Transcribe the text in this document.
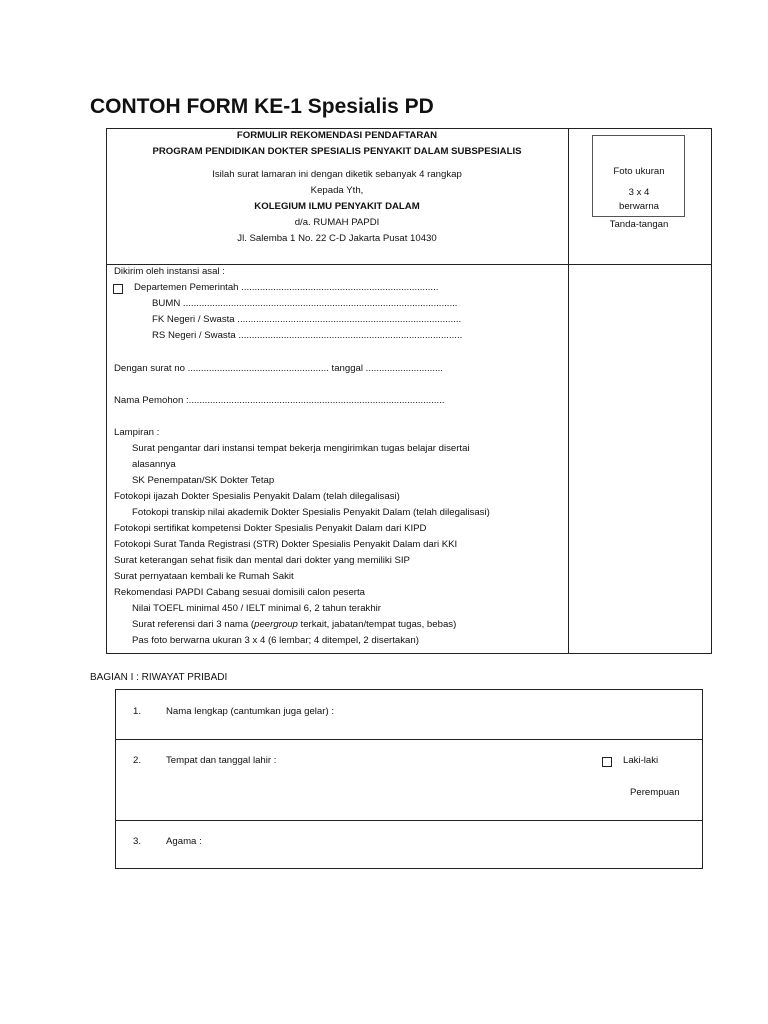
CONTOH FORM KE-1 Spesialis PD
FORMULIR REKOMENDASI PENDAFTARAN
PROGRAM PENDIDIKAN DOKTER SPESIALIS PENYAKIT DALAM SUBSPESIALIS
Isilah surat lamaran ini dengan diketik sebanyak 4 rangkap
Kepada Yth,
KOLEGIUM ILMU PENYAKIT DALAM
d/a. RUMAH PAPDI
Jl. Salemba 1 No. 22 C-D Jakarta Pusat 10430
Foto ukuran
3 x 4
berwarna
Tanda-tangan
Dikirim oleh instansi asal :
Departemen Pemerintah ..........................................................................
BUMN .......................................................................................................
FK Negeri / Swasta ....................................................................................
RS Negeri / Swasta ....................................................................................
Dengan surat no ..................................................... tanggal .............................
Nama Pemohon :................................................................................................
Lampiran :
Surat pengantar dari instansi tempat bekerja mengirimkan tugas belajar disertai
alasannya
SK Penempatan/SK Dokter Tetap
Fotokopi ijazah Dokter Spesialis Penyakit Dalam (telah dilegalisasi)
Fotokopi transkip nilai akademik Dokter Spesialis Penyakit Dalam (telah dilegalisasi)
Fotokopi sertifikat kompetensi Dokter Spesialis Penyakit Dalam dari KIPD
Fotokopi Surat Tanda Registrasi (STR) Dokter Spesialis Penyakit Dalam dari KKI
Surat keterangan sehat fisik dan mental dari dokter yang memiliki SIP
Surat pernyataan kembali ke Rumah Sakit
Rekomendasi PAPDI Cabang sesuai domisili calon peserta
Nilai TOEFL minimal 450 / IELT minimal 6, 2 tahun terakhir
Surat referensi dari 3 nama (peergroup terkait, jabatan/tempat tugas, bebas)
Pas foto berwarna ukuran 3 x 4 (6 lembar; 4 ditempel, 2 disertakan)
BAGIAN I : RIWAYAT PRIBADI
1.	Nama lengkap (cantumkan juga gelar) :
2.	Tempat dan tanggal lahir :	Laki-laki
Perempuan
3.	Agama :
